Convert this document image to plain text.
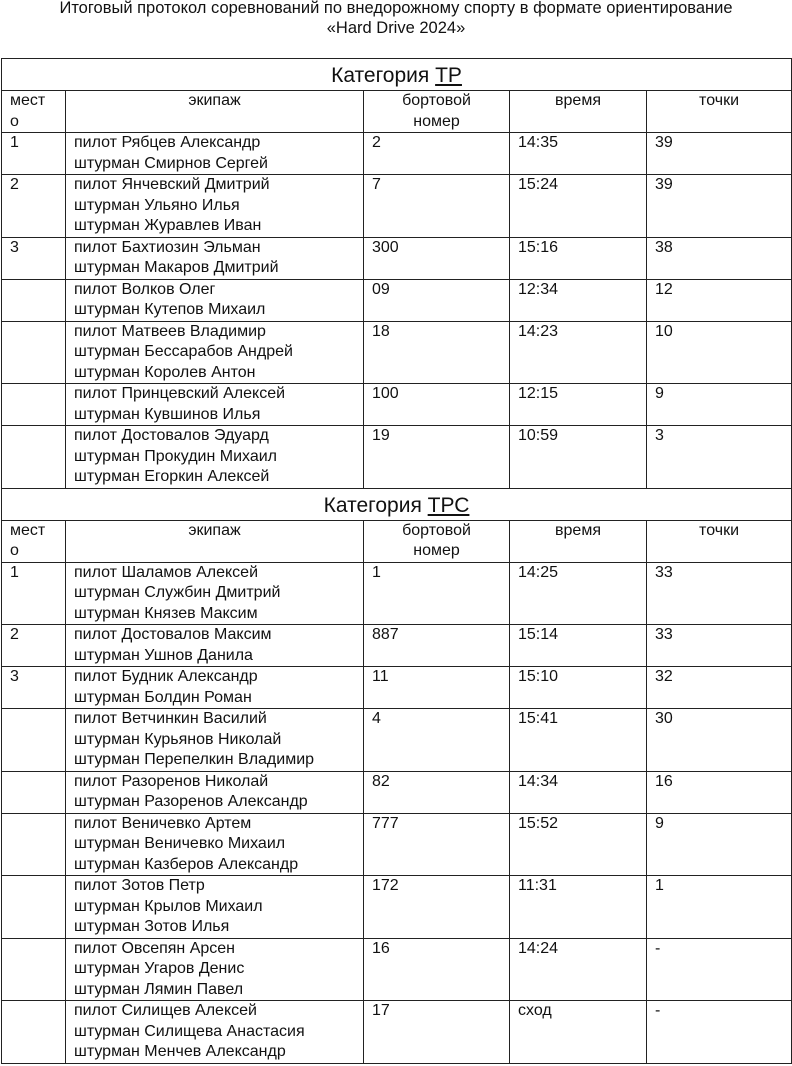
Итоговый протокол соревнований по внедорожному спорту в формате ориентирование
«Hard Drive 2024»
Категория ТР				

мест
о	экипаж	бортовой
номер	время	точки
1	пилот Рябцев Александр
штурман Смирнов Сергей	2	14:35	39
2	пилот Янчевский Дмитрий
штурман Ульяно Илья
штурман Журавлев Иван	7	15:24	39
3	пилот Бахтиозин Эльман
штурман Макаров Дмитрий	300	15:16	38

	пилот Волков Олег
штурман Кутепов Михаил	09	12:34	12

	пилот Матвеев Владимир
штурман Бессарабов Андрей
штурман Королев Антон	18	14:23	10

	пилот Принцевский Алексей
штурман Кувшинов Илья	100	12:15	9

	пилот Достовалов Эдуард
штурман Прокудин Михаил
штурман Егоркин Алексей	19	10:59	3
Категория ТРС				

мест
о	экипаж	бортовой
номер	время	точки
1	пилот Шаламов Алексей
штурман Службин Дмитрий
штурман Князев Максим	1	14:25	33
2	пилот Достовалов Максим
штурман Ушнов Данила	887	15:14	33
3	пилот Будник Александр
штурман Болдин Роман	11	15:10	32

	пилот Ветчинкин Василий
штурман Курьянов Николай
штурман Перепелкин Владимир	4	15:41	30

	пилот Разоренов Николай
штурман Разоренов Александр	82	14:34	16

	пилот Веничевко Артем
штурман Веничевко Михаил
штурман Казберов Александр	777	15:52	9

	пилот Зотов Петр
штурман Крылов Михаил
штурман Зотов Илья	172	11:31	1

	пилот Овсепян Арсен
штурман Угаров Денис
штурман Лямин Павел	16	14:24	-

	пилот Силищев Алексей
штурман Силищева Анастасия
штурман Менчев Александр	17	сход	-
